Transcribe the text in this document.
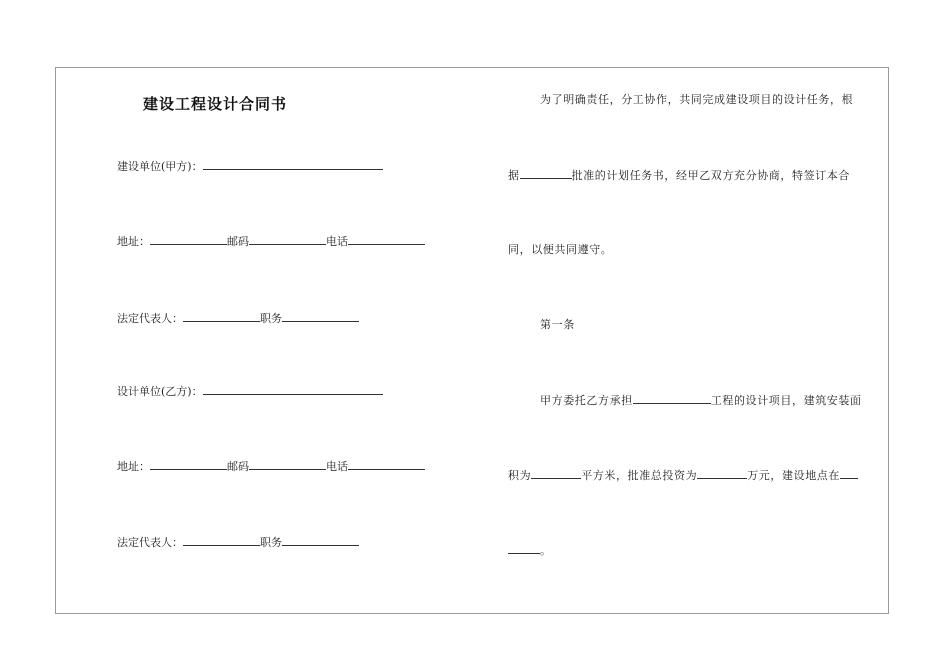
建设工程设计合同书
建设单位(甲方)：
地址：	邮码	电话
法定代表人：	职务
设计单位(乙方)：
地址：	邮码	电话
法定代表人：	职务
为了明确责任，分工协作，共同完成建设项目的设计任务，根
据	批准的计划任务书，经甲乙双方充分协商，特签订本合
同，以便共同遵守。
第一条
甲方委托乙方承担	工程的设计项目，建筑安装面
积为	平方米，批准总投资为	万元，建设地点在
。
